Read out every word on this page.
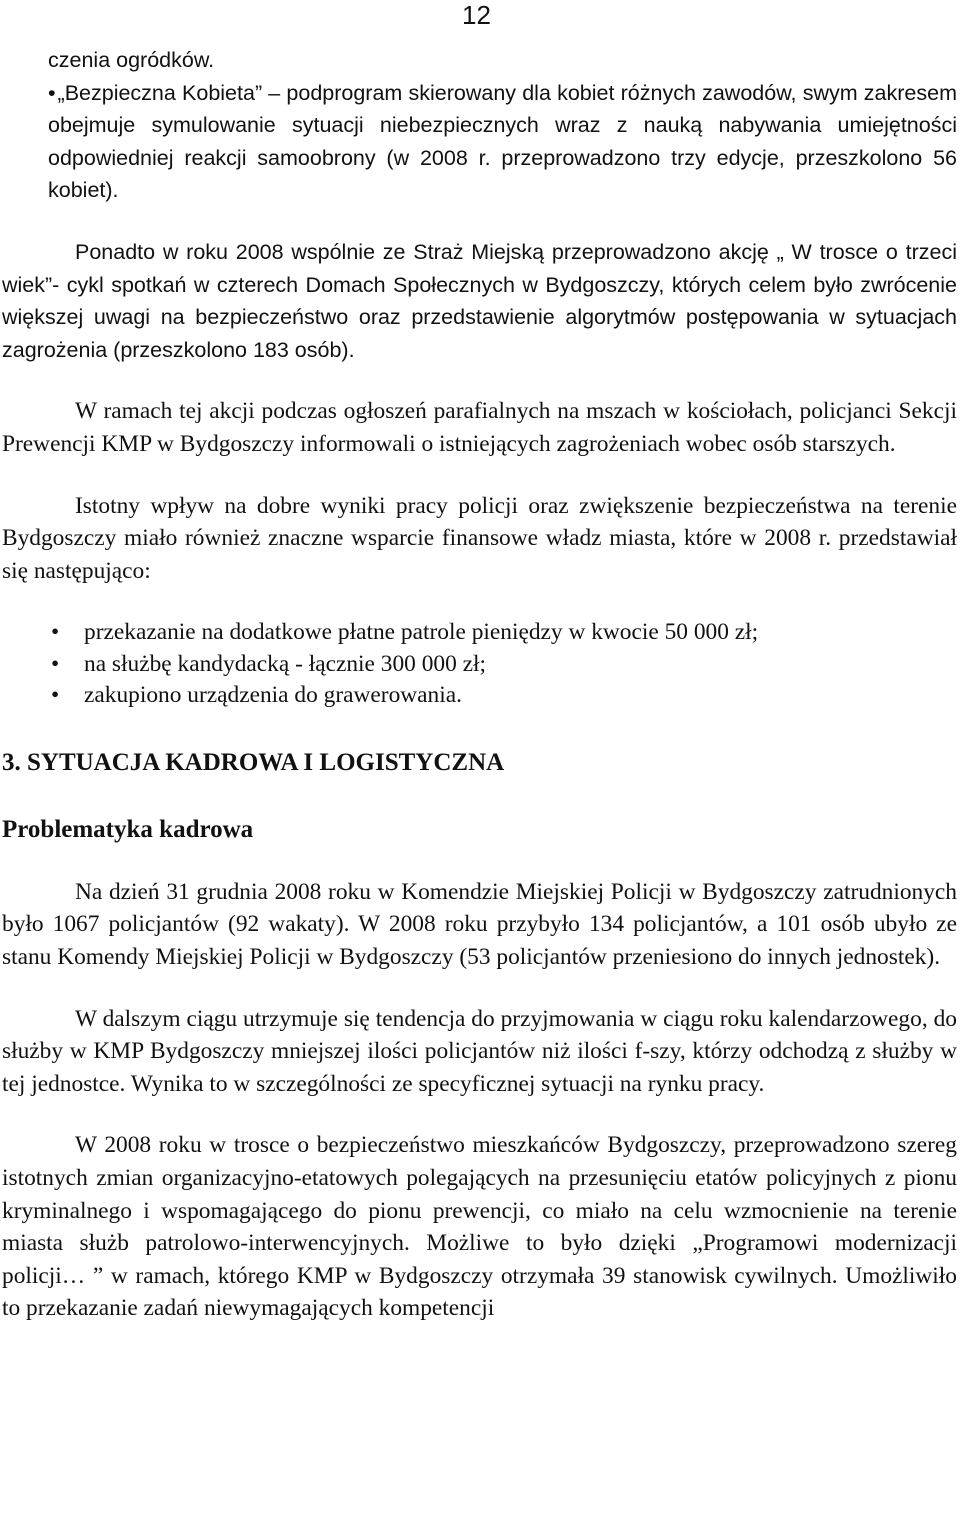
12

czenia ogródków.

•„Bezpieczna Kobieta” – podprogram skierowany dla kobiet różnych zawodów, swym zakresem obejmuje symulowanie sytuacji niebezpiecznych wraz z nauką nabywania umiejętności odpowiedniej reakcji samoobrony (w 2008 r. przeprowadzono trzy edycje, przeszkolono 56 kobiet).

Ponadto w roku 2008 wspólnie ze Straż Miejską przeprowadzono akcję „ W trosce o trzeci wiek”- cykl spotkań w czterech Domach Społecznych w Bydgoszczy, których celem było zwrócenie większej uwagi na bezpieczeństwo oraz przedstawienie algorytmów postępowania w sytuacjach zagrożenia (przeszkolono 183 osób).

W ramach tej akcji podczas ogłoszeń parafialnych na mszach w kościołach, policjanci Sekcji Prewencji KMP w Bydgoszczy informowali o istniejących zagrożeniach wobec osób starszych.

Istotny wpływ na dobre wyniki pracy policji oraz zwiększenie bezpieczeństwa na terenie Bydgoszczy miało również znaczne wsparcie finansowe władz miasta, które w 2008 r. przedstawiał się następująco:

• przekazanie na dodatkowe płatne patrole pieniędzy w kwocie 50 000 zł;
• na służbę kandydacką - łącznie 300 000 zł;
• zakupiono urządzenia do grawerowania.
3. SYTUACJA KADROWA I LOGISTYCZNA
Problematyka kadrowa

Na dzień 31 grudnia 2008 roku w Komendzie Miejskiej Policji w Bydgoszczy zatrudnionych było 1067 policjantów (92 wakaty). W 2008 roku przybyło 134 policjantów, a 101 osób ubyło ze stanu Komendy Miejskiej Policji w Bydgoszczy (53 policjantów przeniesiono do innych jednostek).

W dalszym ciągu utrzymuje się tendencja do przyjmowania w ciągu roku kalendarzowego, do służby w KMP Bydgoszczy mniejszej ilości policjantów niż ilości f-szy, którzy odchodzą z służby w tej jednostce. Wynika to w szczególności ze specyficznej sytuacji na rynku pracy.

W 2008 roku w trosce o bezpieczeństwo mieszkańców Bydgoszczy, przeprowadzono szereg istotnych zmian organizacyjno-etatowych polegających na przesunięciu etatów policyjnych z pionu kryminalnego i wspomagającego do pionu prewencji, co miało na celu wzmocnienie na terenie miasta służb patrolowo-interwencyjnych. Możliwe to było dzięki „Programowi modernizacji policji… ” w ramach, którego KMP w Bydgoszczy otrzymała 39 stanowisk cywilnych. Umożliwiło to przekazanie zadań niewymagających kompetencji
